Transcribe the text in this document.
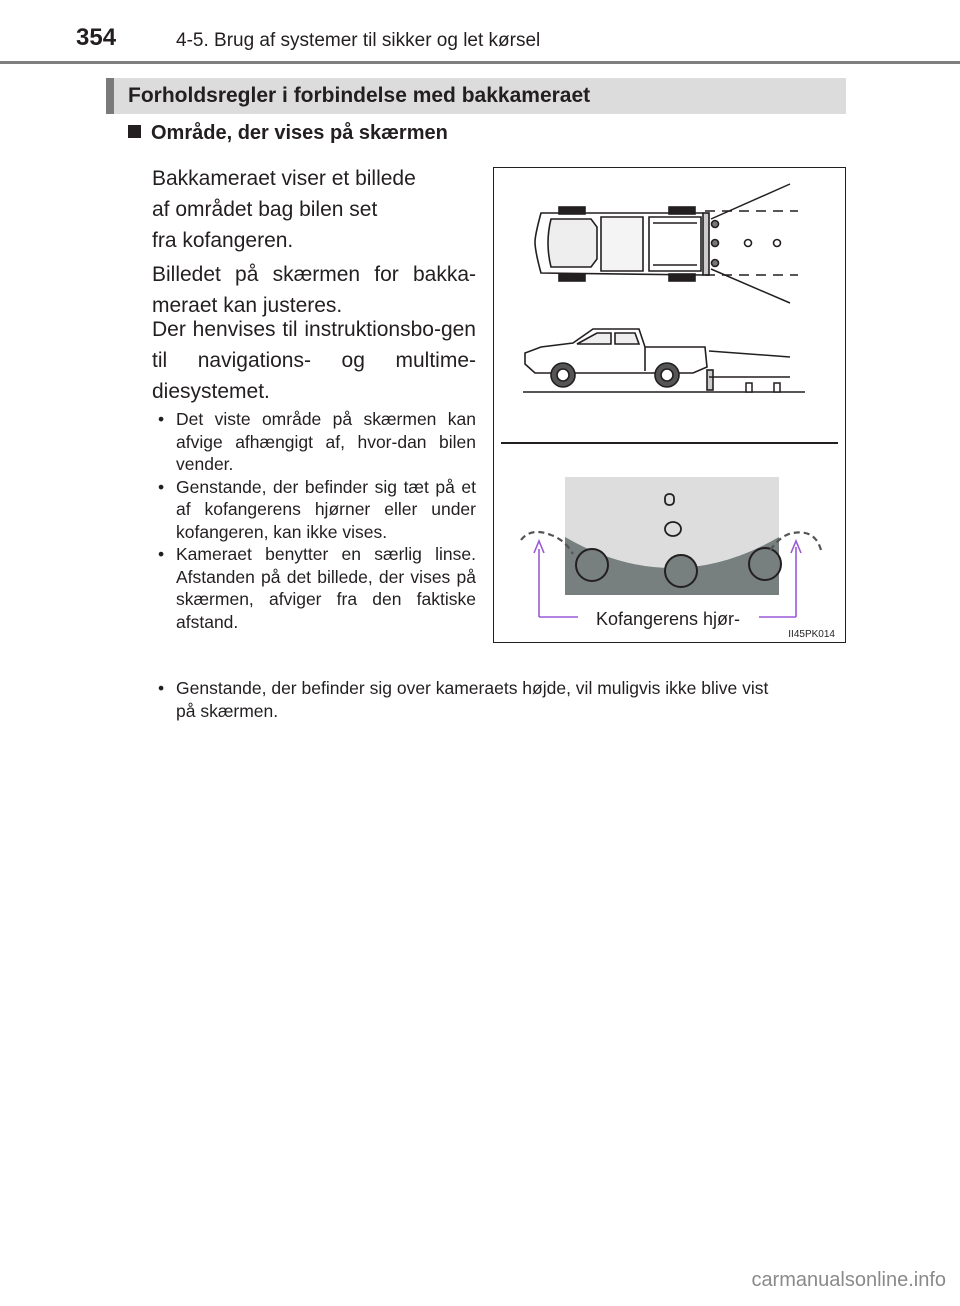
354	4-5. Brug af systemer til sikker og let kørsel
Forholdsregler i forbindelse med bakkameraet
Område, der vises på skærmen
Bakkameraet viser et billede
af området bag bilen set
fra kofangeren.
Billedet på skærmen for bakka-meraet kan justeres.
Der henvises til instruktionsbo-gen til navigations- og multime-diesystemet.
• Det viste område på skærmen kan afvige afhængigt af, hvor-dan bilen vender.
• Genstande, der befinder sig tæt på et af kofangerens hjørner eller under kofangeren, kan ikke vises.
• Kameraet benytter en særlig linse. Afstanden på det billede, der vises på skærmen, afviger fra den faktiske afstand.
• Genstande, der befinder sig over kameraets højde, vil muligvis ikke blive vist på skærmen.
Kofangerens hjør-
II45PK014
carmanualsonline.info
